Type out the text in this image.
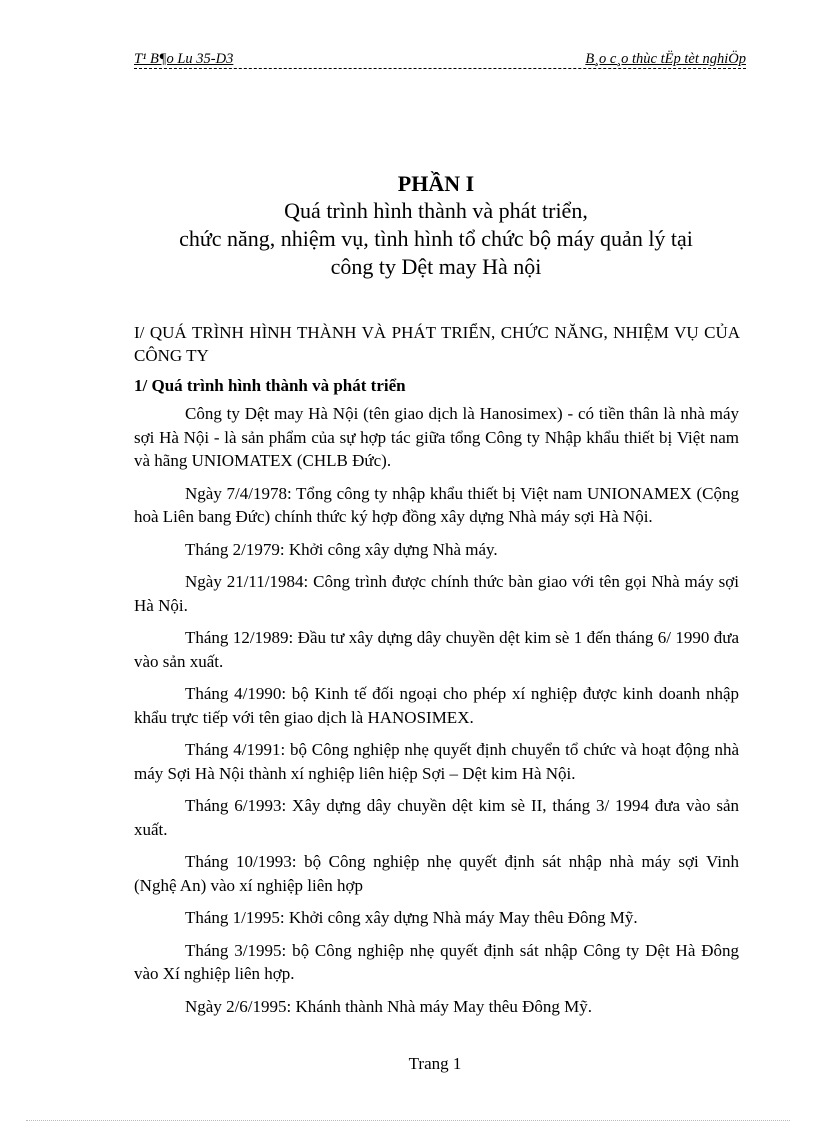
T¹ B¶o Lu 35-D3	B¸o c¸o thùc tËp tèt nghiÖp
PHẦN I
Quá trình hình thành và phát triển,
chức năng, nhiệm vụ, tình hình tổ chức bộ máy quản lý tại
công ty Dệt may Hà nội
I/ QUÁ TRÌNH HÌNH THÀNH VÀ PHÁT TRIỂN, CHỨC NĂNG, NHIỆM VỤ CỦA CÔNG TY
1/ Quá trình hình thành và phát triển

Công ty Dệt may Hà Nội (tên giao dịch là Hanosimex) - có tiền thân là nhà máy sợi Hà Nội - là sản phẩm của sự hợp tác giữa tổng Công ty Nhập khẩu thiết bị Việt nam và hãng UNIOMATEX (CHLB Đức).

Ngày 7/4/1978: Tổng công ty nhập khẩu thiết bị Việt nam UNIONAMEX (Cộng hoà Liên bang Đức) chính thức ký hợp đồng xây dựng Nhà máy sợi Hà Nội.

Tháng 2/1979: Khởi công xây dựng Nhà máy.

Ngày 21/11/1984: Công trình được chính thức bàn giao với tên gọi Nhà máy sợi Hà Nội.

Tháng 12/1989: Đầu tư xây dựng dây chuyền dệt kim sè 1 đến tháng 6/ 1990 đưa vào sản xuất.

Tháng 4/1990: bộ Kinh tế đối ngoại cho phép xí nghiệp được kinh doanh nhập khẩu trực tiếp với tên giao dịch là HANOSIMEX.

Tháng 4/1991: bộ Công nghiệp nhẹ quyết định chuyển tổ chức và hoạt động nhà máy Sợi Hà Nội thành xí nghiệp liên hiệp Sợi – Dệt kim Hà Nội.

Tháng 6/1993: Xây dựng dây chuyền dệt kim sè II, tháng 3/ 1994 đưa vào sản xuất.

Tháng 10/1993: bộ Công nghiệp nhẹ quyết định sát nhập nhà máy sợi Vinh (Nghệ An) vào xí nghiệp liên hợp

Tháng 1/1995: Khởi công xây dựng Nhà máy May thêu Đông Mỹ.

Tháng 3/1995: bộ Công nghiệp nhẹ quyết định sát nhập Công ty Dệt Hà Đông vào Xí nghiệp liên hợp.

Ngày 2/6/1995: Khánh thành Nhà máy May thêu Đông Mỹ.

Trang 1
